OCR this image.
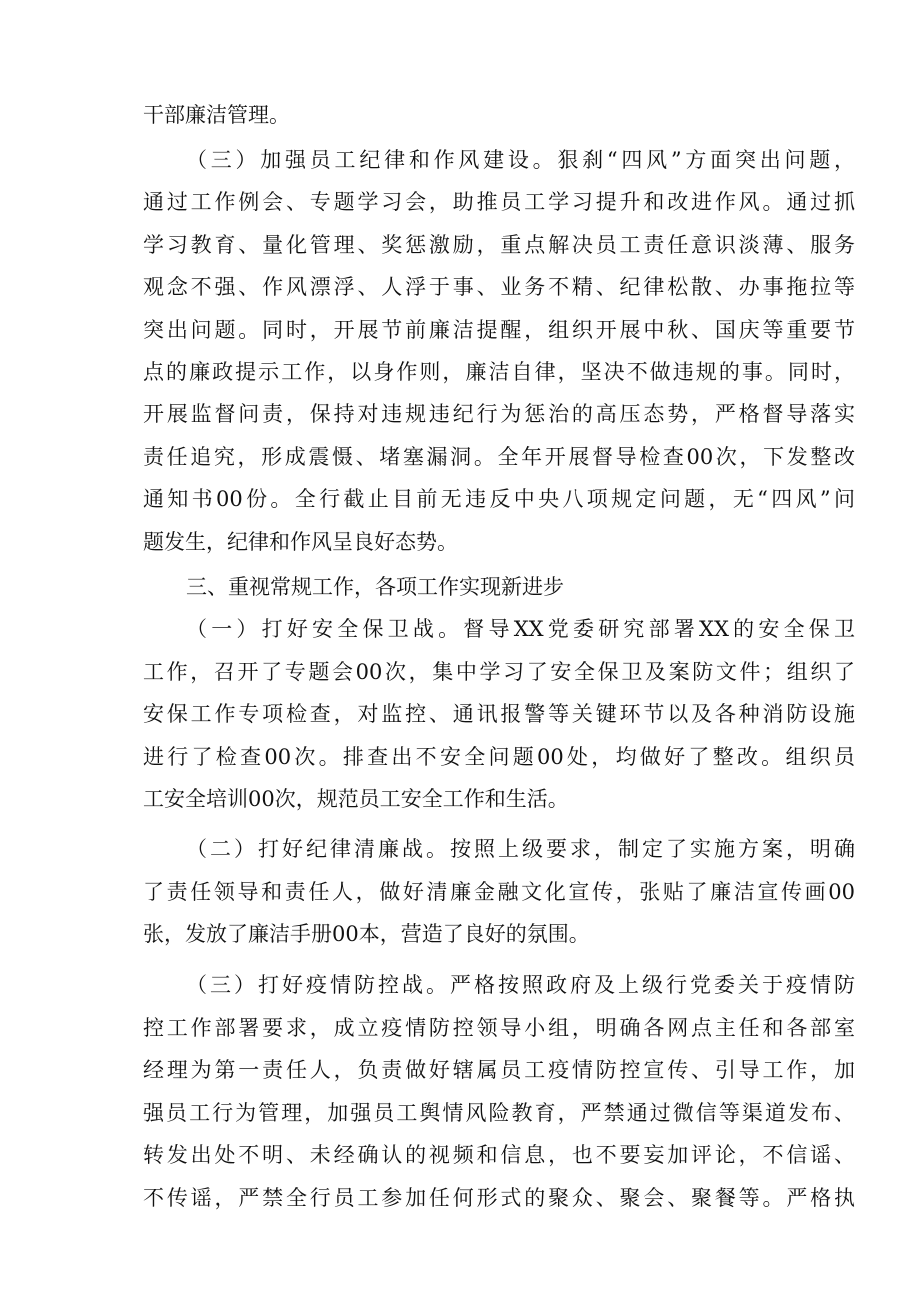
干部廉洁管理。
（三）加强员工纪律和作风建设。狠刹“四风”方面突出问题，
通过工作例会、专题学习会，助推员工学习提升和改进作风。通过抓
学习教育、量化管理、奖惩激励，重点解决员工责任意识淡薄、服务
观念不强、作风漂浮、人浮于事、业务不精、纪律松散、办事拖拉等
突出问题。同时，开展节前廉洁提醒，组织开展中秋、国庆等重要节
点的廉政提示工作，以身作则，廉洁自律，坚决不做违规的事。同时，
开展监督问责，保持对违规违纪行为惩治的高压态势，严格督导落实
责任追究，形成震慑、堵塞漏洞。全年开展督导检查00次，下发整改
通知书00份。全行截止目前无违反中央八项规定问题，无“四风”问
题发生，纪律和作风呈良好态势。
三、重视常规工作，各项工作实现新进步
（一）打好安全保卫战。督导XX党委研究部署XX的安全保卫
工作，召开了专题会00次，集中学习了安全保卫及案防文件；组织了
安保工作专项检查，对监控、通讯报警等关键环节以及各种消防设施
进行了检查00次。排查出不安全问题00处，均做好了整改。组织员
工安全培训00次，规范员工安全工作和生活。
（二）打好纪律清廉战。按照上级要求，制定了实施方案，明确
了责任领导和责任人，做好清廉金融文化宣传，张贴了廉洁宣传画00
张，发放了廉洁手册00本，营造了良好的氛围。
（三）打好疫情防控战。严格按照政府及上级行党委关于疫情防
控工作部署要求，成立疫情防控领导小组，明确各网点主任和各部室
经理为第一责任人，负责做好辖属员工疫情防控宣传、引导工作，加
强员工行为管理，加强员工舆情风险教育，严禁通过微信等渠道发布、
转发出处不明、未经确认的视频和信息，也不要妄加评论，不信谣、
不传谣，严禁全行员工参加任何形式的聚众、聚会、聚餐等。严格执
